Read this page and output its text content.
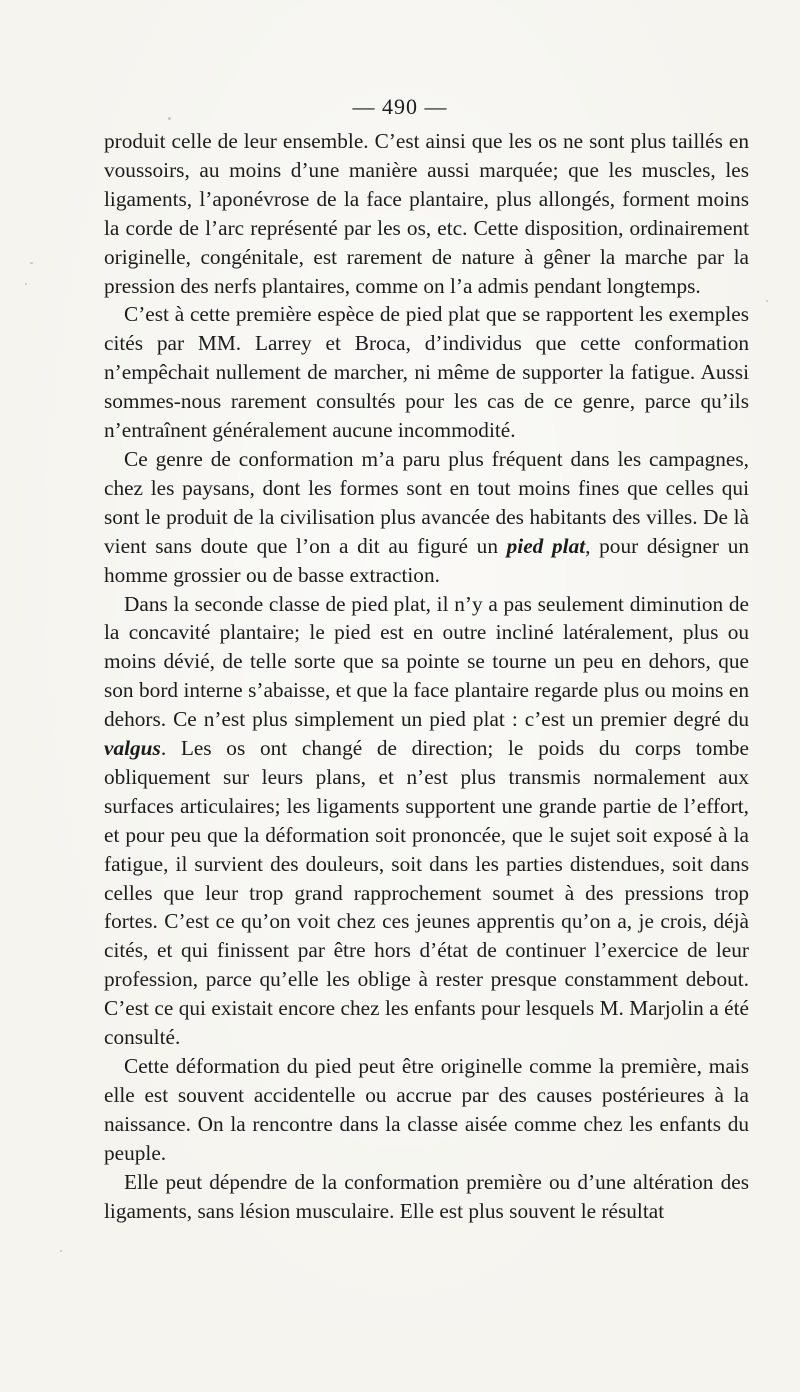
— 490 —

produit celle de leur ensemble. C’est ainsi que les os ne sont plus taillés en voussoirs, au moins d’une manière aussi marquée; que les muscles, les ligaments, l’aponévrose de la face plantaire, plus allongés, forment moins la corde de l’arc représenté par les os, etc. Cette disposition, ordinairement originelle, congénitale, est rarement de nature à gêner la marche par la pression des nerfs plantaires, comme on l’a admis pendant longtemps.

C’est à cette première espèce de pied plat que se rapportent les exemples cités par MM. Larrey et Broca, d’individus que cette conformation n’empêchait nullement de marcher, ni même de supporter la fatigue. Aussi sommes-nous rarement consultés pour les cas de ce genre, parce qu’ils n’entraînent généralement aucune incommodité.

Ce genre de conformation m’a paru plus fréquent dans les campagnes, chez les paysans, dont les formes sont en tout moins fines que celles qui sont le produit de la civilisation plus avancée des habitants des villes. De là vient sans doute que l’on a dit au figuré un pied plat, pour désigner un homme grossier ou de basse extraction.

Dans la seconde classe de pied plat, il n’y a pas seulement diminution de la concavité plantaire; le pied est en outre incliné latéralement, plus ou moins dévié, de telle sorte que sa pointe se tourne un peu en dehors, que son bord interne s’abaisse, et que la face plantaire regarde plus ou moins en dehors. Ce n’est plus simplement un pied plat : c’est un premier degré du valgus. Les os ont changé de direction; le poids du corps tombe obliquement sur leurs plans, et n’est plus transmis normalement aux surfaces articulaires; les ligaments supportent une grande partie de l’effort, et pour peu que la déformation soit prononcée, que le sujet soit exposé à la fatigue, il survient des douleurs, soit dans les parties distendues, soit dans celles que leur trop grand rapprochement soumet à des pressions trop fortes. C’est ce qu’on voit chez ces jeunes apprentis qu’on a, je crois, déjà cités, et qui finissent par être hors d’état de continuer l’exercice de leur profession, parce qu’elle les oblige à rester presque constamment debout. C’est ce qui existait encore chez les enfants pour lesquels M. Marjolin a été consulté.

Cette déformation du pied peut être originelle comme la première, mais elle est souvent accidentelle ou accrue par des causes postérieures à la naissance. On la rencontre dans la classe aisée comme chez les enfants du peuple.

Elle peut dépendre de la conformation première ou d’une altération des ligaments, sans lésion musculaire. Elle est plus souvent le résultat
